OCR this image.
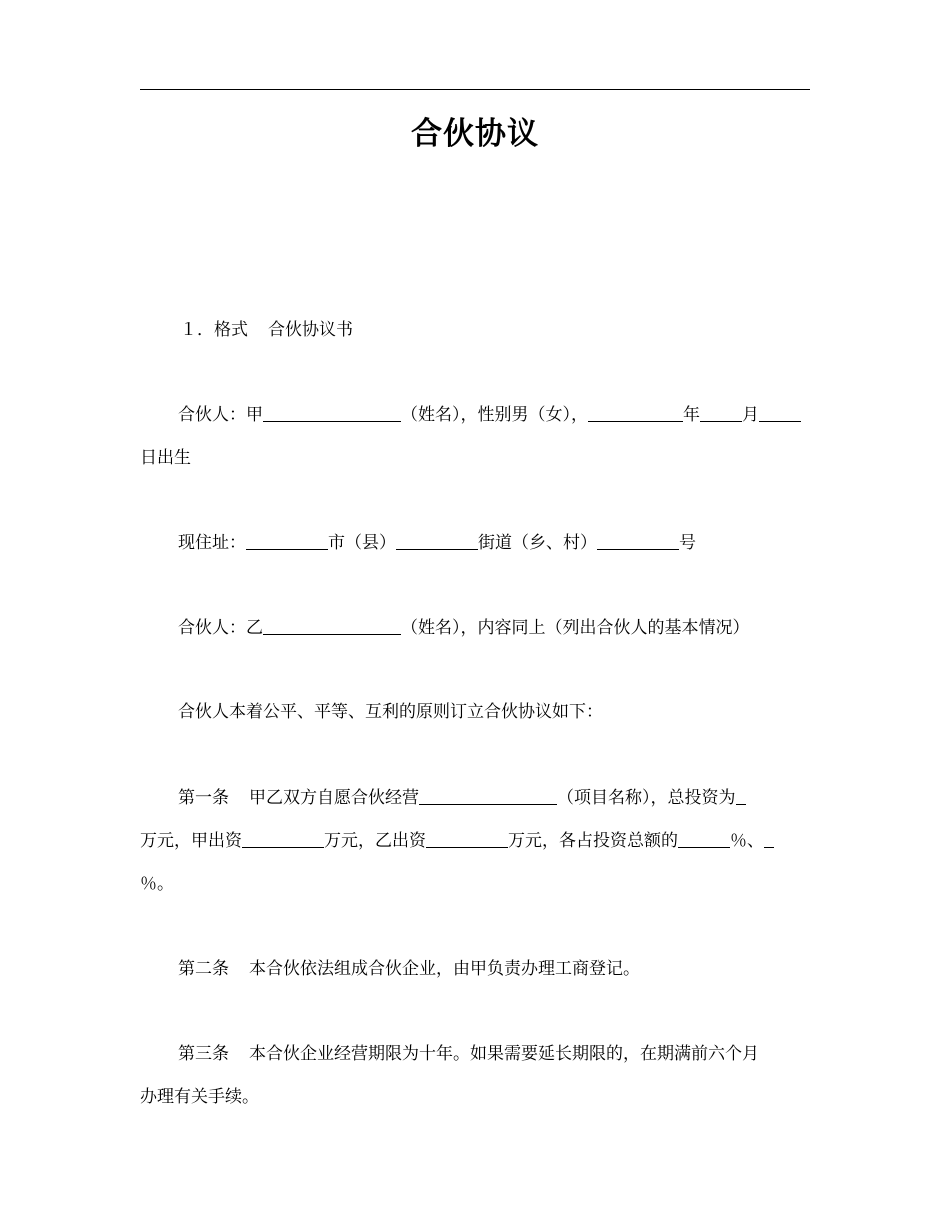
合伙协议
１．格式 合伙协议书
合伙人：甲	（姓名），性别男（女），	年 月
日出生
现住址：	市（县）	街道（乡、村）	号
合伙人：乙	（姓名），内容同上（列出合伙人的基本情况）
合伙人本着公平、平等、互利的原则订立合伙协议如下：
第一条 甲乙双方自愿合伙经营	（项目名称），总投资为
万元，甲出资	万元，乙出资	万元，各占投资总额的	％、
％。
第二条 本合伙依法组成合伙企业，由甲负责办理工商登记。
第三条 本合伙企业经营期限为十年。如果需要延长期限的，在期满前六个月
办理有关手续。
